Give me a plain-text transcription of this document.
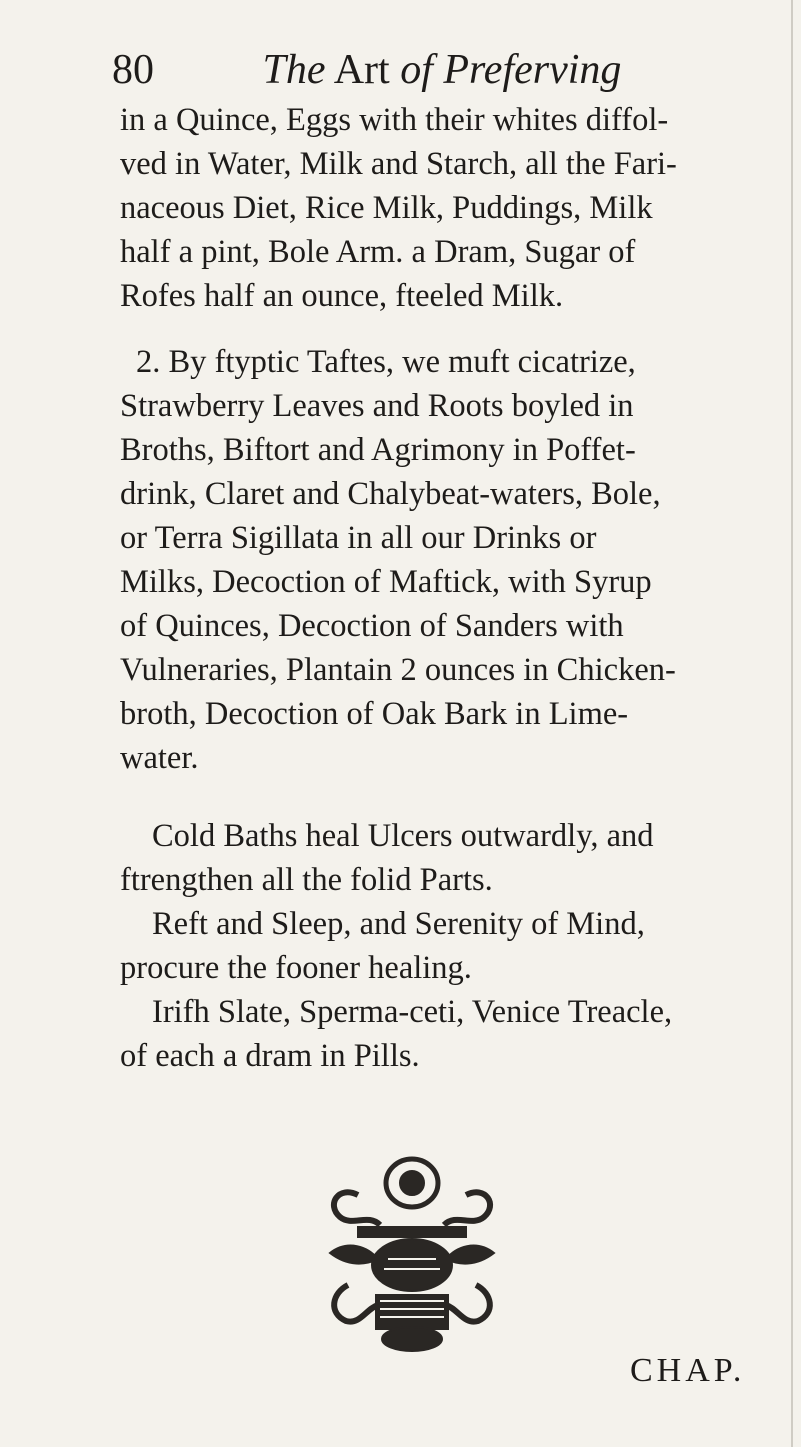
80	The Art of Preferving
in a Quince, Eggs with their whites diffol-
ved in Water, Milk and Starch, all the Fari-
naceous Diet, Rice Milk, Puddings, Milk
half a pint, Bole Arm. a Dram, Sugar of
Rofes half an ounce, fteeled Milk.
2. By ftyptic Taftes, we muft cicatrize,
Strawberry Leaves and Roots boyled in
Broths, Biftort and Agrimony in Poffet-
drink, Claret and Chalybeat-waters, Bole,
or Terra Sigillata in all our Drinks or
Milks, Decoction of Maftick, with Syrup
of Quinces, Decoction of Sanders with
Vulneraries, Plantain 2 ounces in Chicken-
broth, Decoction of Oak Bark in Lime-
water.
Cold Baths heal Ulcers outwardly, and
ftrengthen all the folid Parts.
Reft and Sleep, and Serenity of Mind,
procure the fooner healing.
Irifh Slate, Sperma-ceti, Venice Treacle,
of each a dram in Pills.
CHAP.
